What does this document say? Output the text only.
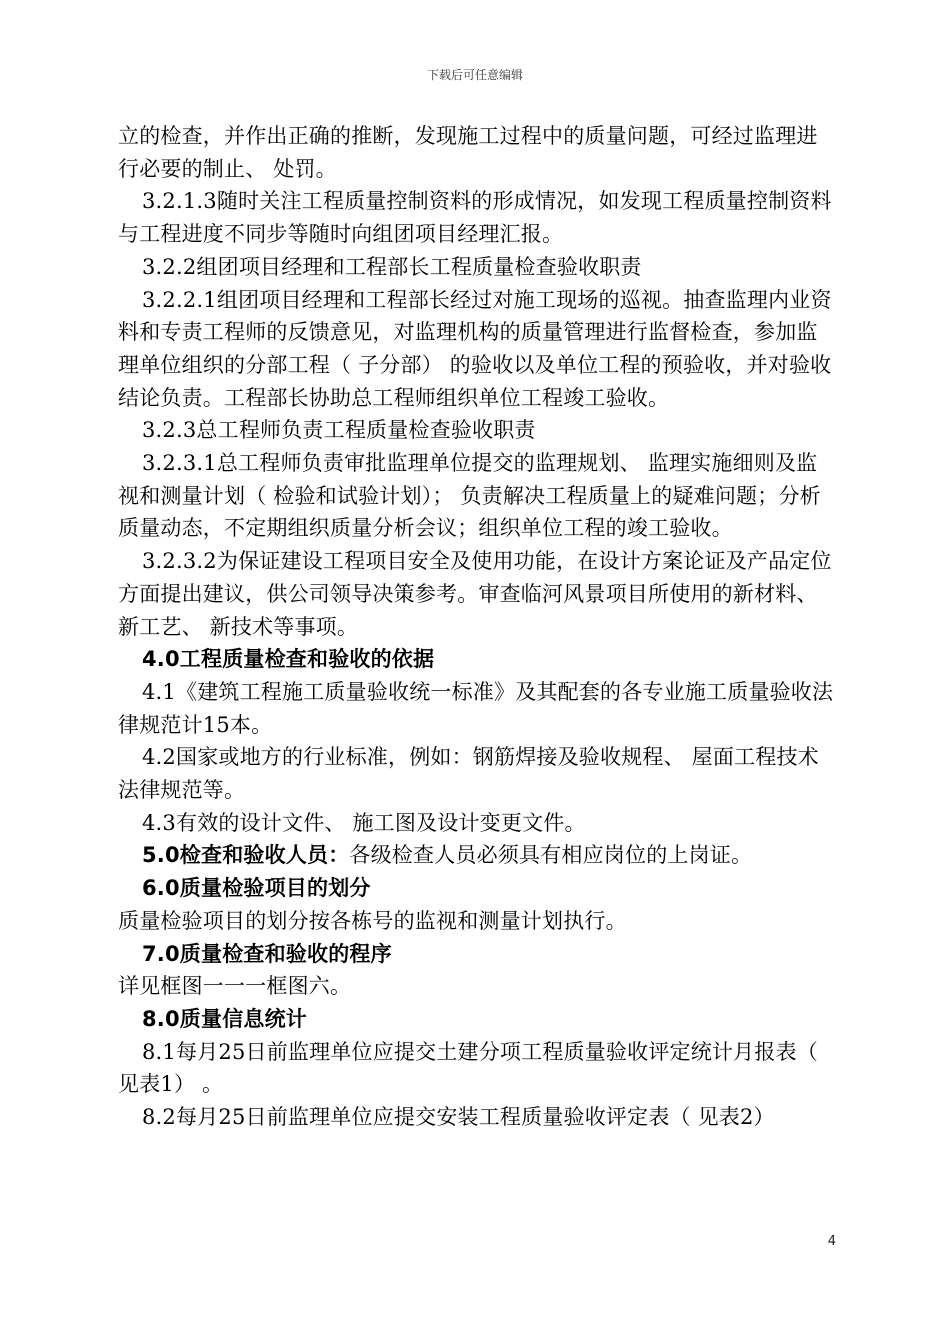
下载后可任意编辑

立的检查，并作出正确的推断，发现施工过程中的质量问题，可经过监理进行必要的制止、 处罚。

3.2.1.3随时关注工程质量控制资料的形成情况，如发现工程质量控制资料与工程进度不同步等随时向组团项目经理汇报。

3.2.2组团项目经理和工程部长工程质量检查验收职责

3.2.2.1组团项目经理和工程部长经过对施工现场的巡视。抽查监理内业资料和专责工程师的反馈意见，对监理机构的质量管理进行监督检查，参加监理单位组织的分部工程（ 子分部） 的验收以及单位工程的预验收，并对验收结论负责。工程部长协助总工程师组织单位工程竣工验收。

3.2.3总工程师负责工程质量检查验收职责

3.2.3.1总工程师负责审批监理单位提交的监理规划、 监理实施细则及监视和测量计划（ 检验和试验计划）； 负责解决工程质量上的疑难问题；分析质量动态，不定期组织质量分析会议；组织单位工程的竣工验收。

3.2.3.2为保证建设工程项目安全及使用功能，在设计方案论证及产品定位方面提出建议，供公司领导决策参考。审查临河风景项目所使用的新材料、 新工艺、 新技术等事项。

4.0工程质量检查和验收的依据

4.1《建筑工程施工质量验收统一标准》及其配套的各专业施工质量验收法律规范计15本。

4.2国家或地方的行业标准，例如：钢筋焊接及验收规程、 屋面工程技术法律规范等。

4.3有效的设计文件、 施工图及设计变更文件。

5.0检查和验收人员：各级检查人员必须具有相应岗位的上岗证。

6.0质量检验项目的划分

质量检验项目的划分按各栋号的监视和测量计划执行。

7.0质量检查和验收的程序

详见框图一一一框图六。

8.0质量信息统计

8.1每月25日前监理单位应提交土建分项工程质量验收评定统计月报表（ 见表1） 。

8.2每月25日前监理单位应提交安装工程质量验收评定表（ 见表2）

4
